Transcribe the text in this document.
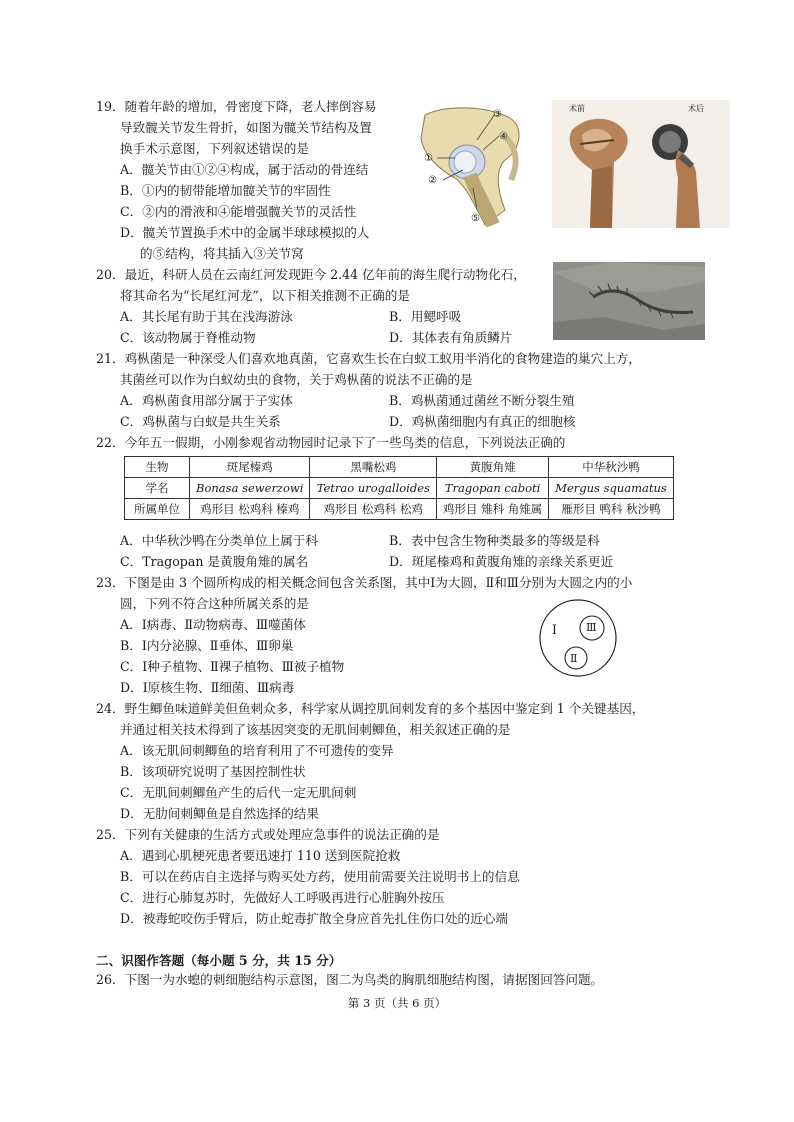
19．随着年龄的增加，骨密度下降，老人摔倒容易
导致髋关节发生骨折，如图为髋关节结构及置
换手术示意图，下列叙述错误的是
A．髋关节由①②④构成，属于活动的骨连结
B．①内的韧带能增加髋关节的牢固性
C．②内的滑液和④能增强髋关节的灵活性
D．髋关节置换手术中的金属半球球模拟的人
的⑤结构，将其插入③关节窝
①
②
③
④
⑤
术前	术后
20．最近，科研人员在云南红河发现距今 2.44 亿年前的海生爬行动物化石，
将其命名为“长尾红河龙”，以下相关推测不正确的是
A．其长尾有助于其在浅海游泳	B．用鳃呼吸
C．该动物属于脊椎动物	D．其体表有角质鳞片
21．鸡枞菌是一种深受人们喜欢地真菌，它喜欢生长在白蚁工蚁用半消化的食物建造的巢穴上方，
其菌丝可以作为白蚁幼虫的食物，关于鸡枞菌的说法不正确的是
A．鸡枞菌食用部分属于子实体	B．鸡枞菌通过菌丝不断分裂生殖
C．鸡枞菌与白蚁是共生关系	D．鸡枞菌细胞内有真正的细胞核
22．今年五一假期，小刚参观省动物园时记录下了一些鸟类的信息，下列说法正确的
生物	斑尾榛鸡	黑嘴松鸡	黄腹角雉	中华秋沙鸭
学名	Bonasa sewerzowi	Tetrao urogalloides	Tragopan caboti	Mergus squamatus
所属单位	鸡形目 松鸡科 榛鸡	鸡形目 松鸡科 松鸡	鸡形目 雉科 角雉属	雁形目 鸭科 秋沙鸭
A．中华秋沙鸭在分类单位上属于科	B．表中包含生物种类最多的等级是科
C．Tragopan 是黄腹角雉的属名	D．斑尾榛鸡和黄腹角雉的亲缘关系更近
23．下图是由 3 个圆所构成的相关概念间包含关系图，其中Ⅰ为大圆，Ⅱ和Ⅲ分别为大圆之内的小
圆，下列不符合这种所属关系的是
A．Ⅰ病毒、Ⅱ动物病毒、Ⅲ噬菌体
B．Ⅰ内分泌腺、Ⅱ垂体、Ⅲ卵巢
C．Ⅰ种子植物、Ⅱ裸子植物、Ⅲ被子植物
D．Ⅰ原核生物、Ⅱ细菌、Ⅲ病毒
Ⅰ	Ⅲ
Ⅱ
24．野生鲫鱼味道鲜美但鱼刺众多，科学家从调控肌间刺发育的多个基因中鉴定到 1 个关键基因，
并通过相关技术得到了该基因突变的无肌间刺鲫鱼，相关叙述正确的是
A．该无肌间刺鲫鱼的培育利用了不可遗传的变异
B．该项研究说明了基因控制性状
C．无肌间刺鲫鱼产生的后代一定无肌间刺
D．无肋间刺鲫鱼是自然选择的结果
25．下列有关健康的生活方式或处理应急事件的说法正确的是
A．遇到心肌梗死患者要迅速打 110 送到医院抢救
B．可以在药店自主选择与购买处方药，使用前需要关注说明书上的信息
C．进行心肺复苏时，先做好人工呼吸再进行心脏胸外按压
D．被毒蛇咬伤手臂后，防止蛇毒扩散全身应首先扎住伤口处的近心端
二、识图作答题（每小题 5 分，共 15 分）
26．下图一为水螅的刺细胞结构示意图，图二为鸟类的胸肌细胞结构图，请据图回答问题。
第 3 页（共 6 页）
